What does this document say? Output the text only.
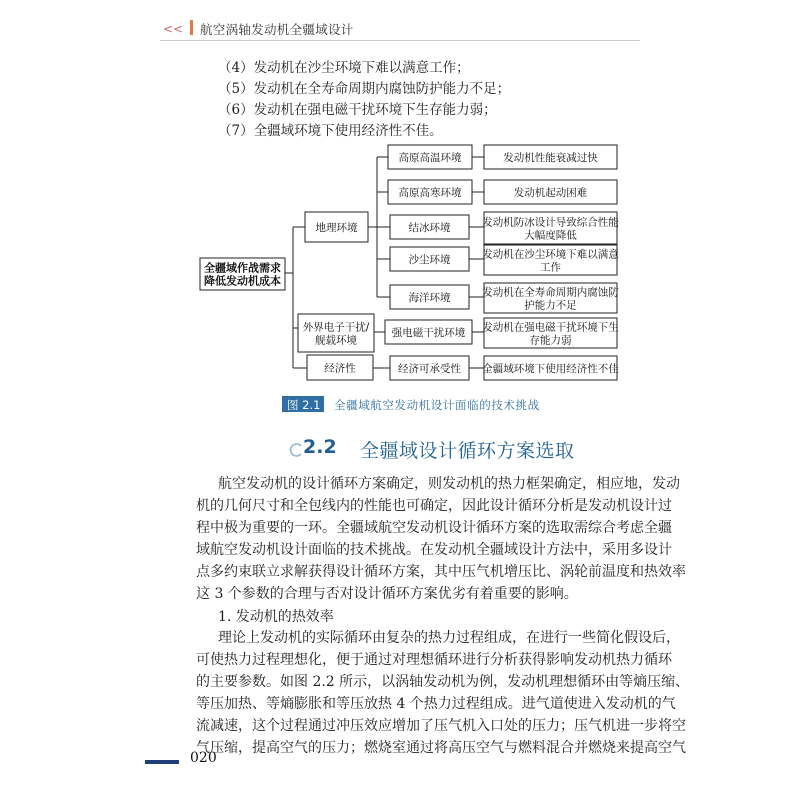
<< 航空涡轴发动机全疆域设计
（4）发动机在沙尘环境下难以满意工作；
（5）发动机在全寿命周期内腐蚀防护能力不足；
（6）发动机在强电磁干扰环境下生存能力弱；
（7）全疆域环境下使用经济性不佳。
全疆域作战需求
降低发动机成本
地理环境
外界电子干扰/
舰载环境
经济性
高原高温环境
高原高寒环境
结冰环境
沙尘环境
海洋环境
强电磁干扰环境
经济可承受性
发动机性能衰减过快
发动机起动困难
发动机防冰设计导致综合性能
大幅度降低
发动机在沙尘环境下难以满意
工作
发动机在全寿命周期内腐蚀防
护能力不足
发动机在强电磁干扰环境下生
存能力弱
全疆域环境下使用经济性不佳
图 2.1 全疆域航空发动机设计面临的技术挑战
2.2 全疆域设计循环方案选取
航空发动机的设计循环方案确定，则发动机的热力框架确定，相应地，发动
机的几何尺寸和全包线内的性能也可确定，因此设计循环分析是发动机设计过
程中极为重要的一环。全疆域航空发动机设计循环方案的选取需综合考虑全疆
域航空发动机设计面临的技术挑战。在发动机全疆域设计方法中，采用多设计
点多约束联立求解获得设计循环方案，其中压气机增压比、涡轮前温度和热效率
这 3 个参数的合理与否对设计循环方案优劣有着重要的影响。
1. 发动机的热效率
理论上发动机的实际循环由复杂的热力过程组成，在进行一些简化假设后，
可使热力过程理想化，便于通过对理想循环进行分析获得影响发动机热力循环
的主要参数。如图 2.2 所示，以涡轴发动机为例，发动机理想循环由等熵压缩、
等压加热、等熵膨胀和等压放热 4 个热力过程组成。进气道使进入发动机的气
流减速，这个过程通过冲压效应增加了压气机入口处的压力；压气机进一步将空
气压缩，提高空气的压力；燃烧室通过将高压空气与燃料混合并燃烧来提高空气
020
